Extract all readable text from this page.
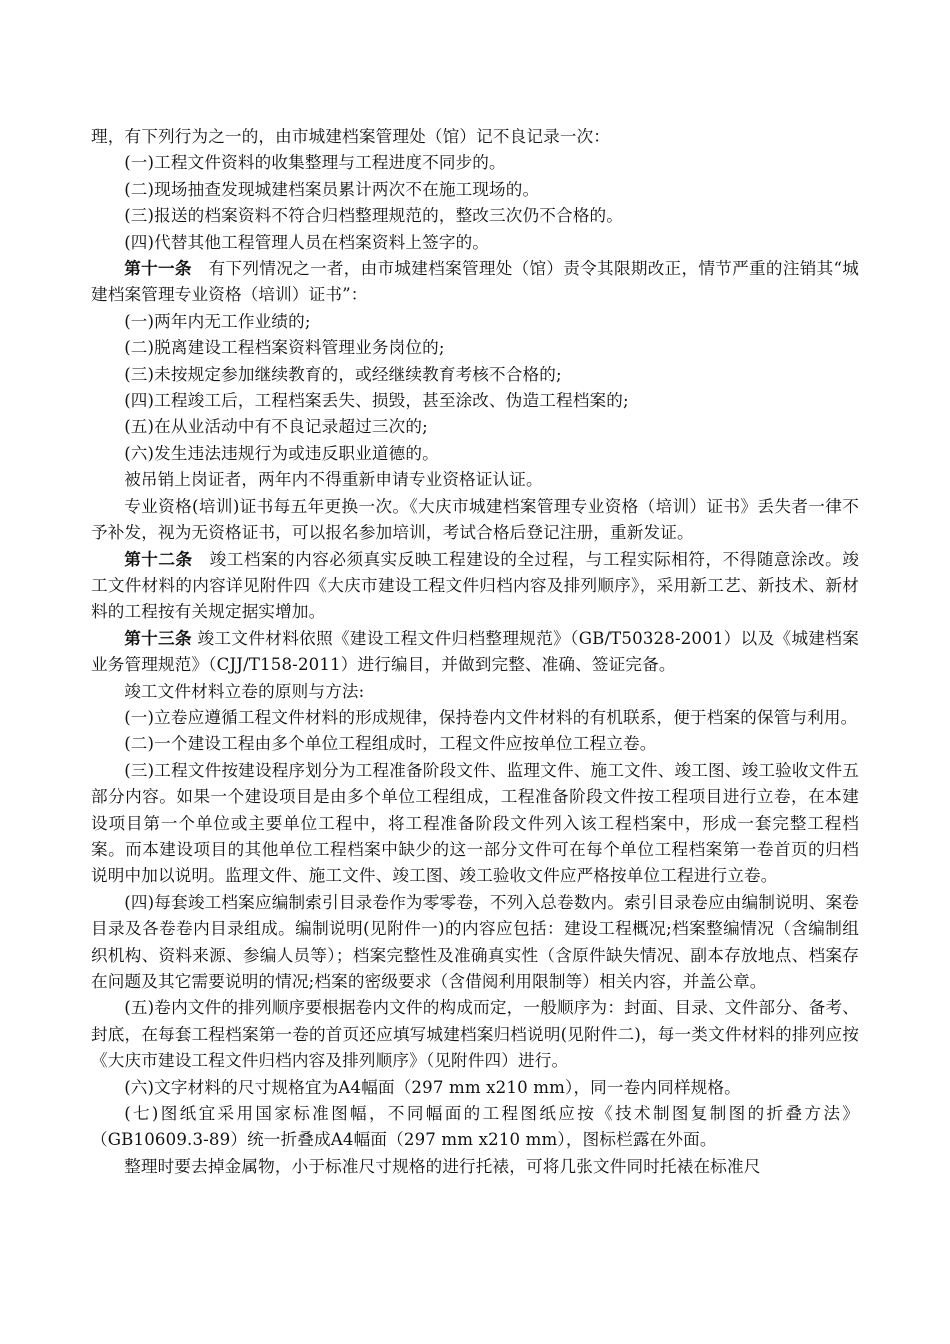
理，有下列行为之一的，由市城建档案管理处（馆）记不良记录一次：

(一)工程文件资料的收集整理与工程进度不同步的。

(二)现场抽查发现城建档案员累计两次不在施工现场的。

(三)报送的档案资料不符合归档整理规范的，整改三次仍不合格的。

(四)代替其他工程管理人员在档案资料上签字的。

第十一条　有下列情况之一者，由市城建档案管理处（馆）责令其限期改正，情节严重的注销其“城建档案管理专业资格（培训）证书”：

(一)两年内无工作业绩的;

(二)脱离建设工程档案资料管理业务岗位的;

(三)未按规定参加继续教育的，或经继续教育考核不合格的;

(四)工程竣工后，工程档案丢失、损毁，甚至涂改、伪造工程档案的;

(五)在从业活动中有不良记录超过三次的;

(六)发生违法违规行为或违反职业道德的。

被吊销上岗证者，两年内不得重新申请专业资格证认证。

专业资格(培训)证书每五年更换一次。《大庆市城建档案管理专业资格（培训）证书》丢失者一律不予补发，视为无资格证书，可以报名参加培训，考试合格后登记注册，重新发证。

第十二条　竣工档案的内容必须真实反映工程建设的全过程，与工程实际相符，不得随意涂改。竣工文件材料的内容详见附件四《大庆市建设工程文件归档内容及排列顺序》，采用新工艺、新技术、新材料的工程按有关规定据实增加。

第十三条 竣工文件材料依照《建设工程文件归档整理规范》（GB/T50328-2001）以及《城建档案业务管理规范》（CJJ/T158-2011）进行编目，并做到完整、准确、签证完备。

竣工文件材料立卷的原则与方法:

(一)立卷应遵循工程文件材料的形成规律，保持卷内文件材料的有机联系，便于档案的保管与利用。

(二)一个建设工程由多个单位工程组成时，工程文件应按单位工程立卷。

(三)工程文件按建设程序划分为工程准备阶段文件、监理文件、施工文件、竣工图、竣工验收文件五部分内容。如果一个建设项目是由多个单位工程组成，工程准备阶段文件按工程项目进行立卷，在本建设项目第一个单位或主要单位工程中，将工程准备阶段文件列入该工程档案中，形成一套完整工程档案。而本建设项目的其他单位工程档案中缺少的这一部分文件可在每个单位工程档案第一卷首页的归档说明中加以说明。监理文件、施工文件、竣工图、竣工验收文件应严格按单位工程进行立卷。

(四)每套竣工档案应编制索引目录卷作为零零卷，不列入总卷数内。索引目录卷应由编制说明、案卷目录及各卷卷内目录组成。编制说明(见附件一)的内容应包括：建设工程概况;档案整编情况（含编制组织机构、资料来源、参编人员等）；档案完整性及准确真实性（含原件缺失情况、副本存放地点、档案存在问题及其它需要说明的情况;档案的密级要求（含借阅利用限制等）相关内容，并盖公章。

(五)卷内文件的排列顺序要根据卷内文件的构成而定，一般顺序为：封面、目录、文件部分、备考、封底，在每套工程档案第一卷的首页还应填写城建档案归档说明(见附件二)，每一类文件材料的排列应按《大庆市建设工程文件归档内容及排列顺序》（见附件四）进行。

(六)文字材料的尺寸规格宜为A4幅面（297 mm x210 mm），同一卷内同样规格。

(七)图纸宜采用国家标准图幅，不同幅面的工程图纸应按《技术制图复制图的折叠方法》（GB10609.3-89）统一折叠成A4幅面（297 mm x210 mm），图标栏露在外面。

整理时要去掉金属物，小于标准尺寸规格的进行托裱，可将几张文件同时托裱在标准尺
